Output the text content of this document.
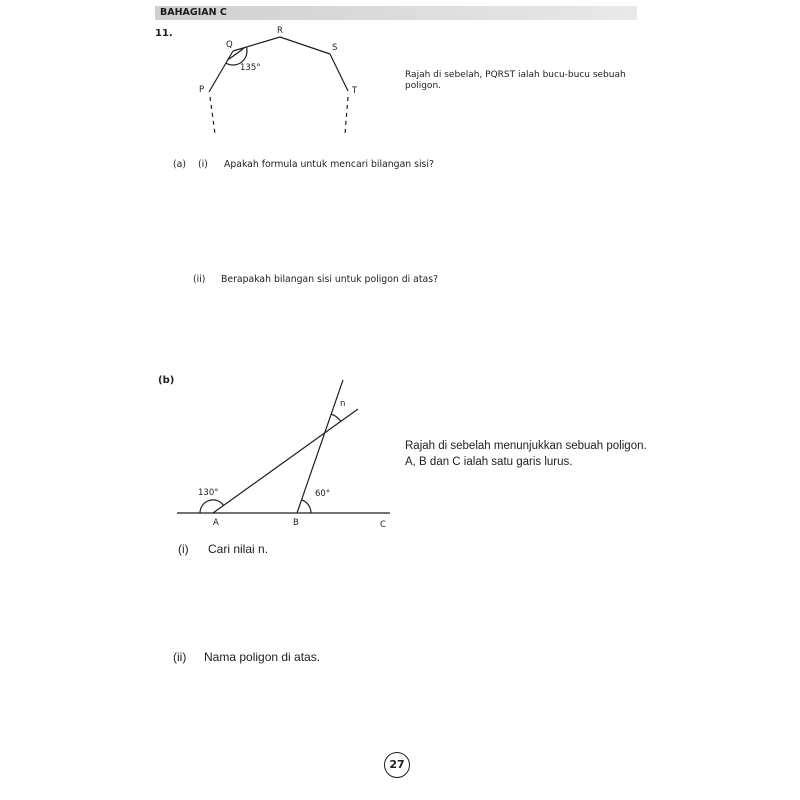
BAHAGIAN C
11.
P
Q
R
S
T
135°
130°	60°
n
A	B	C
Rajah di sebelah, PQRST ialah bucu-bucu sebuah
poligon.
(a) (i) Apakah formula untuk mencari bilangan sisi?
(ii) Berapakah bilangan sisi untuk poligon di atas?
(b)
Rajah di sebelah menunjukkan sebuah poligon.
A, B dan C ialah satu garis lurus.
(i) Cari nilai n.
(ii) Nama poligon di atas.
27
